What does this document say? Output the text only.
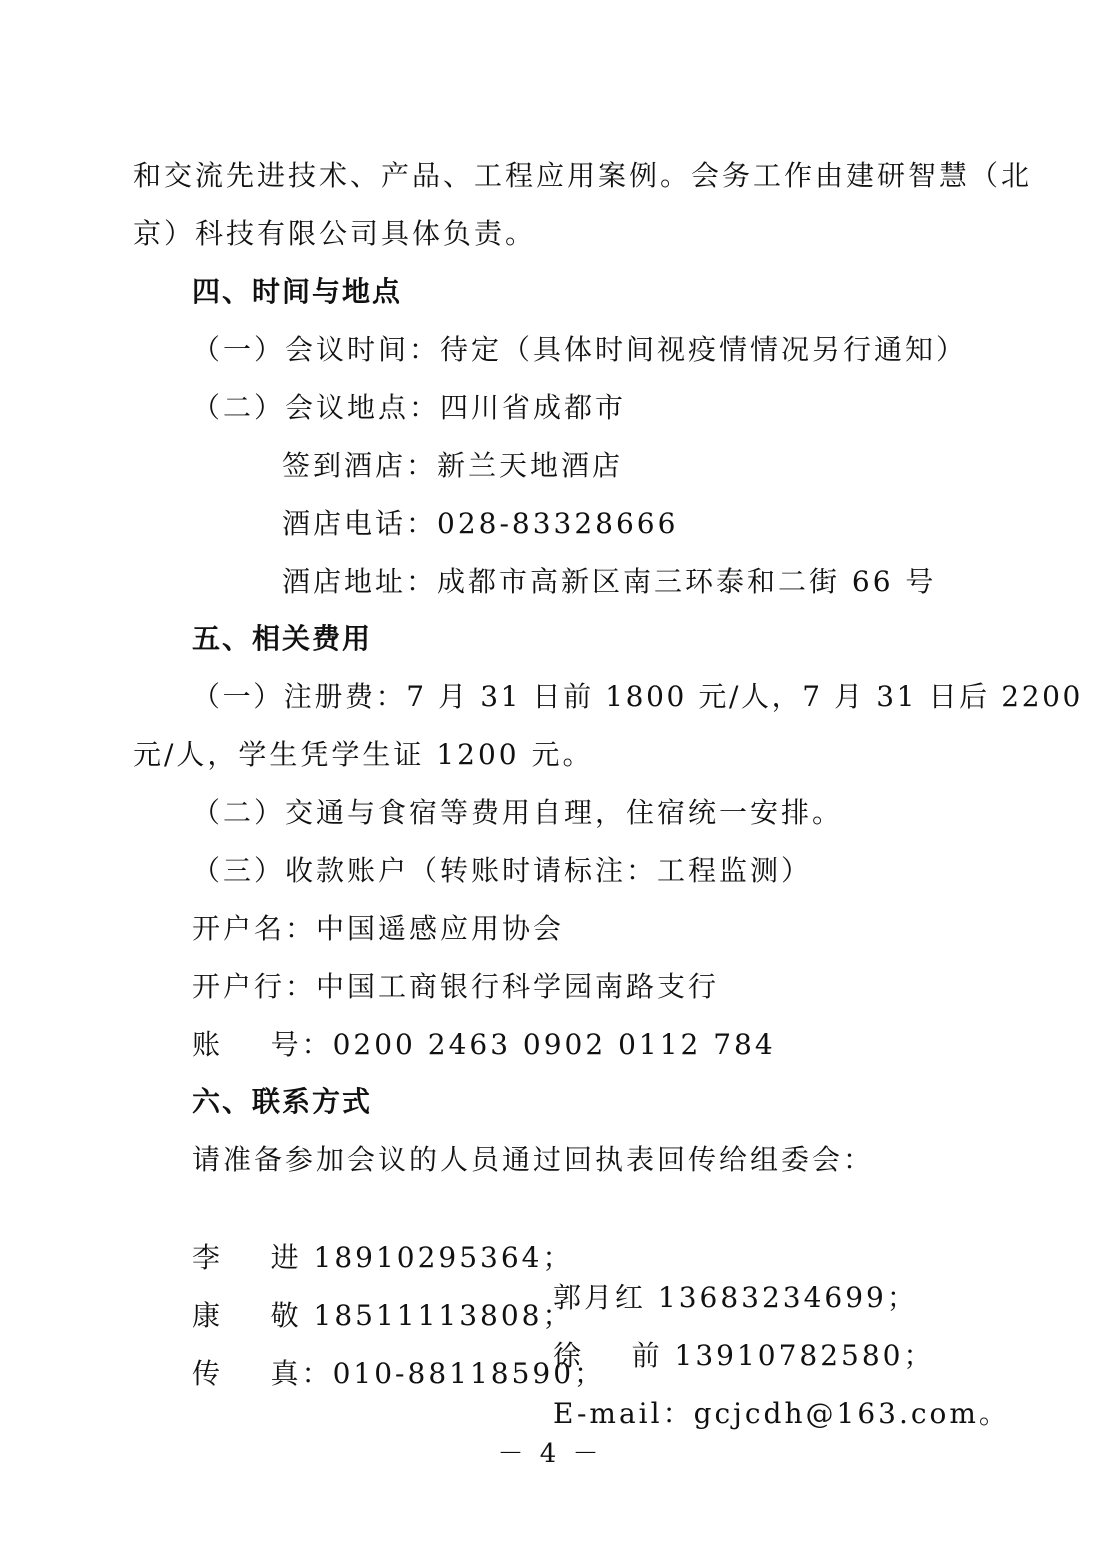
和交流先进技术、产品、工程应用案例。会务工作由建研智慧（北
京）科技有限公司具体负责。
四、时间与地点
（一）会议时间：待定（具体时间视疫情情况另行通知）
（二）会议地点：四川省成都市
签到酒店：新兰天地酒店
酒店电话：028-83328666
酒店地址：成都市高新区南三环泰和二街 66 号
五、相关费用
（一）注册费：7 月 31 日前 1800 元/人，7 月 31 日后 2200
元/人，学生凭学生证 1200 元。
（二）交通与食宿等费用自理，住宿统一安排。
（三）收款账户（转账时请标注：工程监测）
开户名：中国遥感应用协会
开户行：中国工商银行科学园南路支行
账    号：0200 2463 0902 0112 784
六、联系方式
请准备参加会议的人员通过回执表回传给组委会：

李    进 18910295364；

郭月红 13683234699；

康    敬 18511113808；

徐    前 13910782580；

传    真：010-88118590；

E-mail：gcjcdh@163.com。

－ 4 －
